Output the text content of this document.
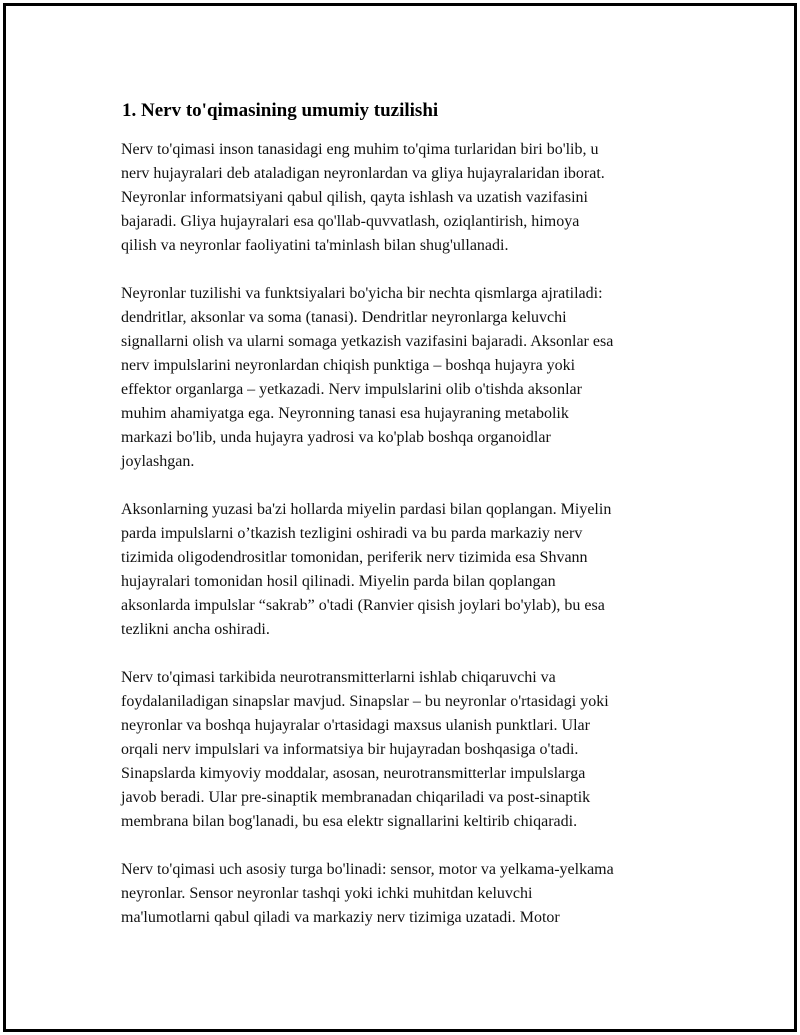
1. Nerv to'qimasining umumiy tuzilishi

Nerv to'qimasi inson tanasidagi eng muhim to'qima turlaridan biri bo'lib, u
nerv hujayralari deb ataladigan neyronlardan va gliya hujayralaridan iborat.
Neyronlar informatsiyani qabul qilish, qayta ishlash va uzatish vazifasini
bajaradi. Gliya hujayralari esa qo'llab-quvvatlash, oziqlantirish, himoya
qilish va neyronlar faoliyatini ta'minlash bilan shug'ullanadi.

Neyronlar tuzilishi va funktsiyalari bo'yicha bir nechta qismlarga ajratiladi:
dendritlar, aksonlar va soma (tanasi). Dendritlar neyronlarga keluvchi
signallarni olish va ularni somaga yetkazish vazifasini bajaradi. Aksonlar esa
nerv impulslarini neyronlardan chiqish punktiga – boshqa hujayra yoki
effektor organlarga – yetkazadi. Nerv impulslarini olib o'tishda aksonlar
muhim ahamiyatga ega. Neyronning tanasi esa hujayraning metabolik
markazi bo'lib, unda hujayra yadrosi va ko'plab boshqa organoidlar
joylashgan.

Aksonlarning yuzasi ba'zi hollarda miyelin pardasi bilan qoplangan. Miyelin
parda impulslarni o’tkazish tezligini oshiradi va bu parda markaziy nerv
tizimida oligodendrositlar tomonidan, periferik nerv tizimida esa Shvann
hujayralari tomonidan hosil qilinadi. Miyelin parda bilan qoplangan
aksonlarda impulslar “sakrab” o'tadi (Ranvier qisish joylari bo'ylab), bu esa
tezlikni ancha oshiradi.

Nerv to'qimasi tarkibida neurotransmitterlarni ishlab chiqaruvchi va
foydalaniladigan sinapslar mavjud. Sinapslar – bu neyronlar o'rtasidagi yoki
neyronlar va boshqa hujayralar o'rtasidagi maxsus ulanish punktlari. Ular
orqali nerv impulslari va informatsiya bir hujayradan boshqasiga o'tadi.
Sinapslarda kimyoviy moddalar, asosan, neurotransmitterlar impulslarga
javob beradi. Ular pre-sinaptik membranadan chiqariladi va post-sinaptik
membrana bilan bog'lanadi, bu esa elektr signallarini keltirib chiqaradi.

Nerv to'qimasi uch asosiy turga bo'linadi: sensor, motor va yelkama-yelkama
neyronlar. Sensor neyronlar tashqi yoki ichki muhitdan keluvchi
ma'lumotlarni qabul qiladi va markaziy nerv tizimiga uzatadi. Motor
